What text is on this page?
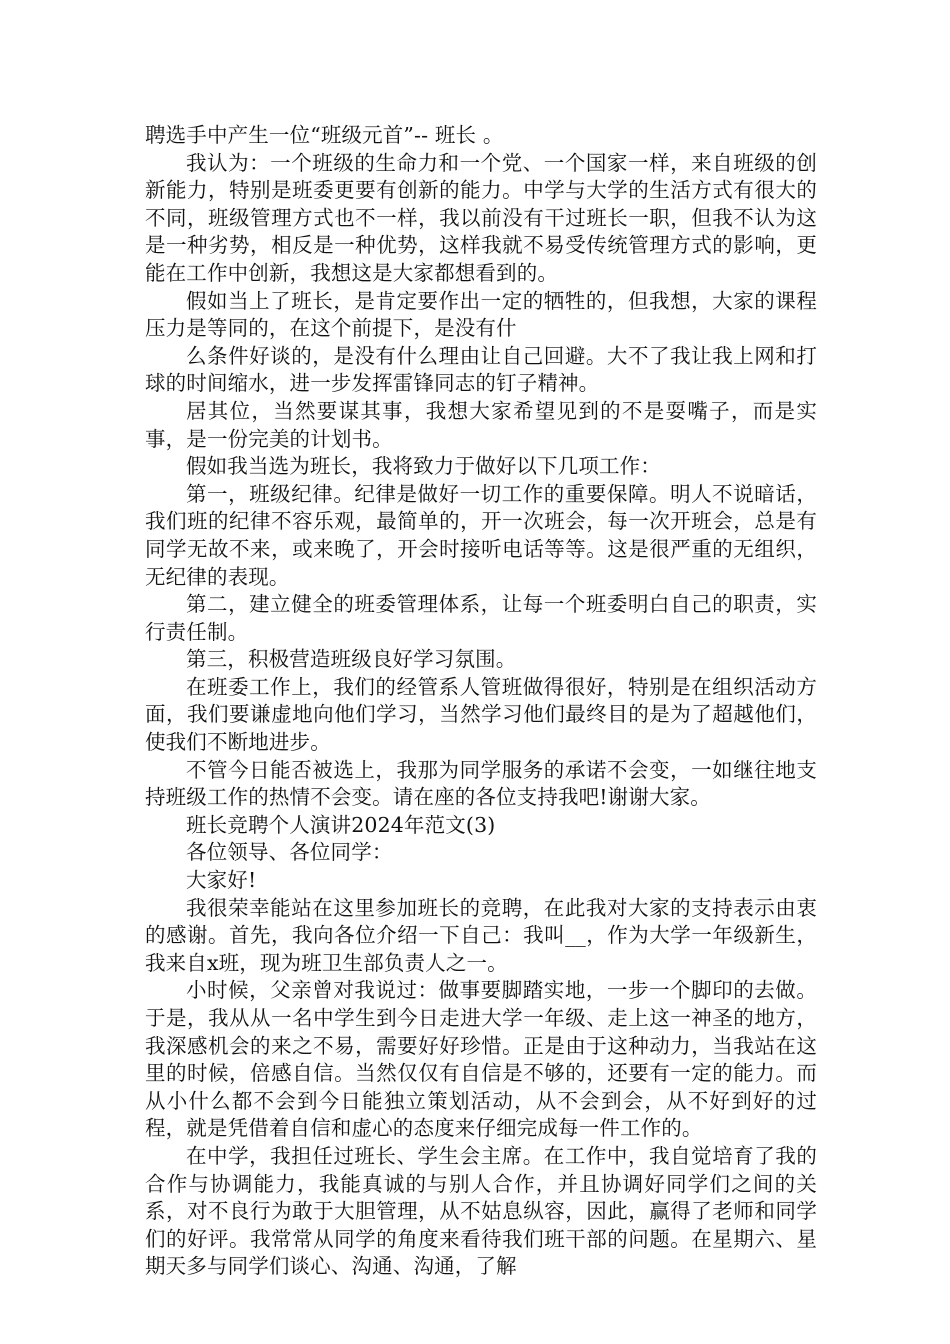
聘选手中产生一位“班级元首”-- 班长 。

我认为：一个班级的生命力和一个党、一个国家一样，来自班级的创新能力，特别是班委更要有创新的能力。中学与大学的生活方式有很大的不同，班级管理方式也不一样，我以前没有干过班长一职，但我不认为这是一种劣势，相反是一种优势，这样我就不易受传统管理方式的影响，更能在工作中创新，我想这是大家都想看到的。

假如当上了班长，是肯定要作出一定的牺牲的，但我想，大家的课程压力是等同的，在这个前提下，是没有什

么条件好谈的，是没有什么理由让自己回避。大不了我让我上网和打球的时间缩水，进一步发挥雷锋同志的钉子精神。

居其位，当然要谋其事，我想大家希望见到的不是耍嘴子，而是实事，是一份完美的计划书。

假如我当选为班长，我将致力于做好以下几项工作：

第一，班级纪律。纪律是做好一切工作的重要保障。明人不说暗话，我们班的纪律不容乐观，最简单的，开一次班会，每一次开班会，总是有同学无故不来，或来晚了，开会时接听电话等等。这是很严重的无组织，无纪律的表现。

第二，建立健全的班委管理体系，让每一个班委明白自己的职责，实行责任制。

第三，积极营造班级良好学习氛围。

在班委工作上，我们的经管系人管班做得很好，特别是在组织活动方面，我们要谦虚地向他们学习，当然学习他们最终目的是为了超越他们，使我们不断地进步。

不管今日能否被选上，我那为同学服务的承诺不会变，一如继往地支持班级工作的热情不会变。请在座的各位支持我吧!谢谢大家。

班长竞聘个人演讲2024年范文(3)

各位领导、各位同学：

大家好!

我很荣幸能站在这里参加班长的竞聘，在此我对大家的支持表示由衷的感谢。首先，我向各位介绍一下自己：我叫__，作为大学一年级新生，我来自x班，现为班卫生部负责人之一。

小时候，父亲曾对我说过：做事要脚踏实地，一步一个脚印的去做。于是，我从从一名中学生到今日走进大学一年级、走上这一神圣的地方，我深感机会的来之不易，需要好好珍惜。正是由于这种动力，当我站在这里的时候，倍感自信。当然仅仅有自信是不够的，还要有一定的能力。而从小什么都不会到今日能独立策划活动，从不会到会，从不好到好的过程，就是凭借着自信和虚心的态度来仔细完成每一件工作的。

在中学，我担任过班长、学生会主席。在工作中，我自觉培育了我的合作与协调能力，我能真诚的与别人合作，并且协调好同学们之间的关系，对不良行为敢于大胆管理，从不姑息纵容，因此，赢得了老师和同学们的好评。我常常从同学的角度来看待我们班干部的问题。在星期六、星期天多与同学们谈心、沟通、沟通，了解
